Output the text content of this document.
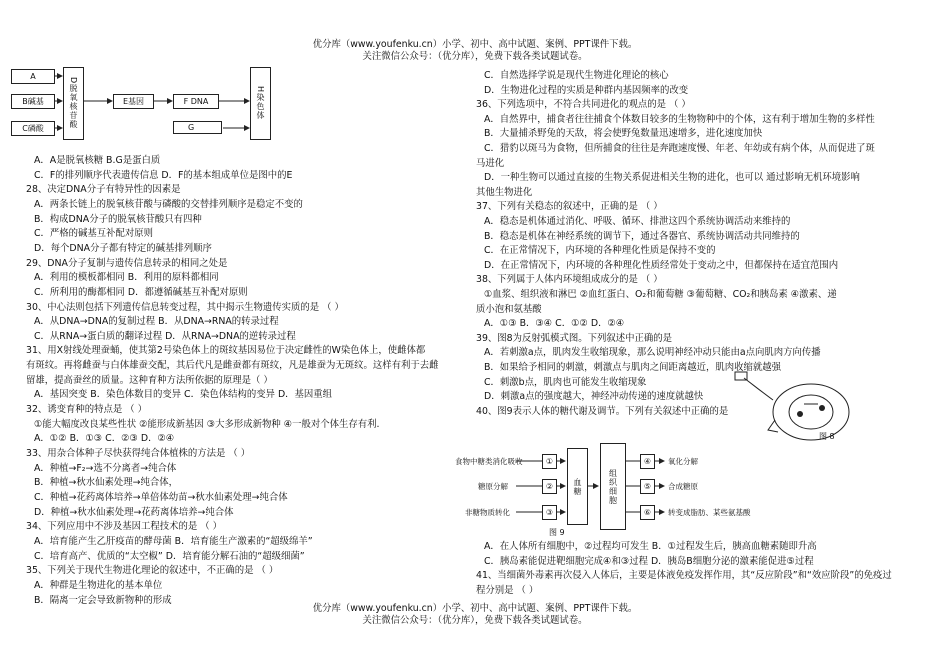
优分库（www.youfenku.cn）小学、初中、高中试题、案例、PPT课件下载。
关注微信公众号：（优分库），免费下载各类试题试卷。
A
B碱基
C磷酸	D脱氧核苷酸	E基因	F DNA
G
H染色体
A．A是脱氧核糖 B.G是蛋白质
C．F的排列顺序代表遗传信息 D．F的基本组成单位是图中的E
28、决定DNA分子有特异性的因素是
A．两条长链上的脱氧核苷酸与磷酸的交替排列顺序是稳定不变的
B．构成DNA分子的脱氧核苷酸只有四种
C．严格的碱基互补配对原则
D．每个DNA分子都有特定的碱基排列顺序
29、DNA分子复制与遗传信息转录的相同之处是
A．利用的模板都相同 B．利用的原料都相同
C．所利用的酶都相同 D．都遵循碱基互补配对原则
30、中心法则包括下列遗传信息转变过程，其中揭示生物遗传实质的是 （ ）
A．从DNA→DNA的复制过程 B．从DNA→RNA的转录过程
C．从RNA→蛋白质的翻译过程 D．从RNA→DNA的逆转录过程
31、用X射线处理蚕蛹，使其第2号染色体上的斑纹基因易位于决定雌性的W染色体上，使雌体都
有斑纹。再将雌蚕与白体雄蚕交配，其后代凡是雌蚕都有斑纹，凡是雄蚕为无斑纹。这样有利于去雌
留雄，提高蚕丝的质量。这种育种方法所依据的原理是（ ）
A．基因突变 B．染色体数目的变异 C．染色体结构的变异 D．基因重组
32、诱变育种的特点是 （ ）
①能大幅度改良某些性状 ②能形成新基因 ③大多形成新物种 ④一般对个体生存有利.
A．①② B．①③ C．②③ D．②④
33、用杂合体种子尽快获得纯合体植株的方法是 （ ）
A．种植→F₂→选不分离者→纯合体
B．种植→秋水仙素处理→纯合体，
C．种植→花药离体培养→单倍体幼苗→秋水仙素处理→纯合体
D．种植→秋水仙素处理→花药离体培养→纯合体
34、下列应用中不涉及基因工程技术的是 （ ）
A．培育能产生乙肝疫苗的酵母菌 B．培育能生产激素的“超级绵羊”
C．培育高产、优质的“太空椒” D．培育能分解石油的“超级细菌”
35、下列关于现代生物进化理论的叙述中，不正确的是 （ ）
A．种群是生物进化的基本单位
B．隔离一定会导致新物种的形成
C．自然选择学说是现代生物进化理论的核心
D．生物进化过程的实质是种群内基因频率的改变
36、下列选项中，不符合共同进化的观点的是 （ ）
A．自然界中，捕食者往往捕食个体数目较多的生物物种中的个体，这有利于增加生物的多样性
B．大量捕杀野兔的天敌，将会使野兔数量迅速增多，进化速度加快
C．猎豹以斑马为食物，但所捕食的往往是奔跑速度慢、年老、年幼或有病个体，从而促进了斑
马进化
D．一种生物可以通过直接的生物关系促进相关生物的进化，也可以 通过影响无机环境影响
其他生物进化
37、下列有关稳态的叙述中，正确的是 （ ）
A．稳态是机体通过消化、呼吸、循环、排泄这四个系统协调活动来维持的
B．稳态是机体在神经系统的调节下，通过各器官、系统协调活动共同维持的
C．在正常情况下，内环境的各种理化性质是保持不变的
D．在正常情况下，内环境的各种理化性质经常处于变动之中，但都保持在适宜范围内
38、下列属于人体内环境组成成分的是 （ ）
①血浆、组织液和淋巴 ②血红蛋白、O₂和葡萄糖 ③葡萄糖、CO₂和胰岛素 ④激素、递
质小泡和氨基酸
A．①③ B．③④ C．①② D．②④
39、图8为反射弧模式图。下列叙述中正确的是
A．若刺激a点，肌肉发生收缩现象，那么说明神经冲动只能由a点向肌肉方向传播
B．如果给予相同的刺激，刺激点与肌肉之间距离越近，肌肉收缩就越强
C．刺激b点，肌肉也可能发生收缩现象
D．刺激a点的强度越大，神经冲动传递的速度就越快
40、图9表示人体的糖代谢及调节。下列有关叙述中正确的是
图 8
食物中糖类消化吸收
糖原分解
非糖物质转化
①
②
③
血糖	组织细胞
④
⑤
⑥
氧化分解
合成糖原
转变成脂肪、某些氨基酸
图 9
A．在人体所有细胞中，②过程均可发生 B．①过程发生后，胰高血糖素随即升高
C．胰岛素能促进靶细胞完成④和③过程 D．胰岛B细胞分泌的激素能促进⑤过程
41、当细菌外毒素再次侵入人体后，主要是体液免疫发挥作用，其“反应阶段”和“效应阶段”的免疫过
程分别是 （ ）
优分库（www.youfenku.cn）小学、初中、高中试题、案例、PPT课件下载。
关注微信公众号：（优分库），免费下载各类试题试卷。
